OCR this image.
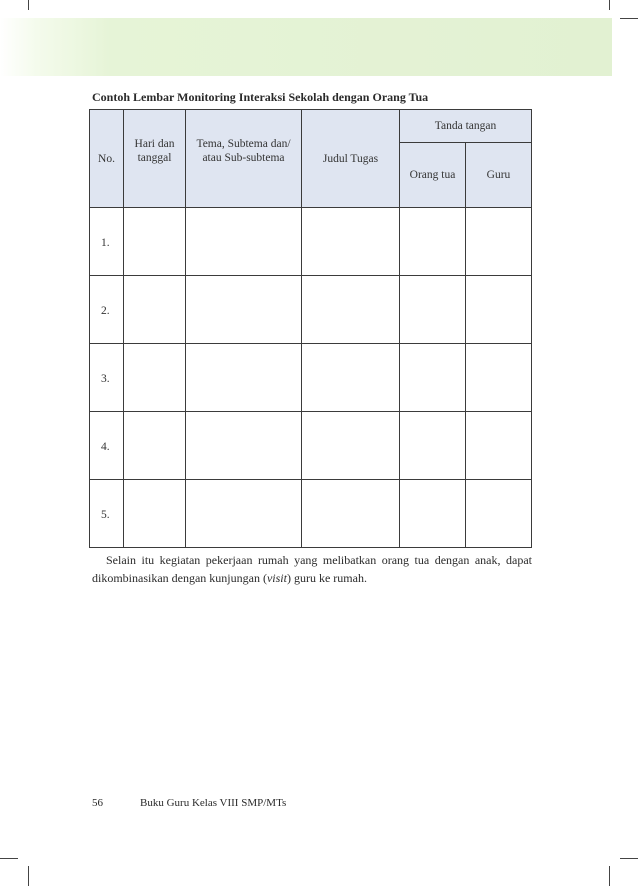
Contoh Lembar Monitoring Interaksi Sekolah dengan Orang Tua
No.	Hari dan tanggal	Tema, Subtema dan/ atau Sub-subtema	Judul Tugas	Tanda tangan	
				Orang tua	Guru
1.					
2.					
3.					
4.					
5.					

Selain itu kegiatan pekerjaan rumah yang melibatkan orang tua dengan anak, dapat dikombinasikan dengan kunjungan (visit) guru ke rumah.

56	Buku Guru Kelas VIII SMP/MTs
